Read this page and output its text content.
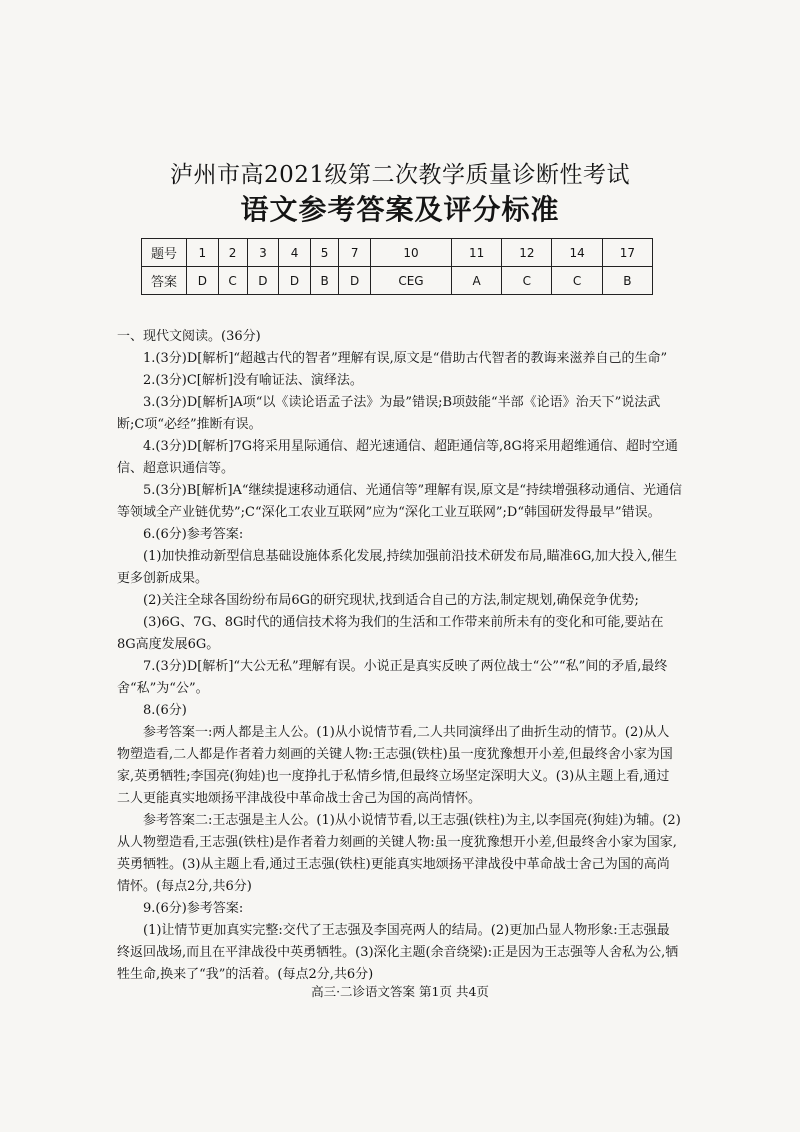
泸州市高2021级第二次教学质量诊断性考试
语文参考答案及评分标准
题号	1	2	3	4	5	7	10	11	12	14	17
答案	D	C	D	D	B	D	CEG	A	C	C	B

一、现代文阅读。(36分)

1.(3分)D[解析]“超越古代的智者”理解有误,原文是“借助古代智者的教诲来滋养自己的生命”

2.(3分)C[解析]没有喻证法、演绎法。

3.(3分)D[解析]A项“以《读论语孟子法》为最”错误;B项鼓能“半部《论语》治天下”说法武断;C项“必经”推断有误。

4.(3分)D[解析]7G将采用星际通信、超光速通信、超距通信等,8G将采用超维通信、超时空通信、超意识通信等。

5.(3分)B[解析]A“继续提速移动通信、光通信等”理解有误,原文是“持续增强移动通信、光通信等领域全产业链优势”;C“深化工农业互联网”应为“深化工业互联网”;D“韩国研发得最早”错误。

6.(6分)参考答案:

(1)加快推动新型信息基础设施体系化发展,持续加强前沿技术研发布局,瞄准6G,加大投入,催生更多创新成果。

(2)关注全球各国纷纷布局6G的研究现状,找到适合自己的方法,制定规划,确保竞争优势;

(3)6G、7G、8G时代的通信技术将为我们的生活和工作带来前所未有的变化和可能,要站在8G高度发展6G。

7.(3分)D[解析]“大公无私”理解有误。小说正是真实反映了两位战士“公”“私”间的矛盾,最终舍“私”为“公”。

8.(6分)

参考答案一:两人都是主人公。(1)从小说情节看,二人共同演绎出了曲折生动的情节。(2)从人物塑造看,二人都是作者着力刻画的关键人物:王志强(铁柱)虽一度犹豫想开小差,但最终舍小家为国家,英勇牺牲;李国亮(狗娃)也一度挣扎于私情乡情,但最终立场坚定深明大义。(3)从主题上看,通过二人更能真实地颂扬平津战役中革命战士舍己为国的高尚情怀。

参考答案二:王志强是主人公。(1)从小说情节看,以王志强(铁柱)为主,以李国亮(狗娃)为辅。(2)从人物塑造看,王志强(铁柱)是作者着力刻画的关键人物:虽一度犹豫想开小差,但最终舍小家为国家,英勇牺牲。(3)从主题上看,通过王志强(铁柱)更能真实地颂扬平津战役中革命战士舍己为国的高尚情怀。(每点2分,共6分)

9.(6分)参考答案:

(1)让情节更加真实完整:交代了王志强及李国亮两人的结局。(2)更加凸显人物形象:王志强最终返回战场,而且在平津战役中英勇牺牲。(3)深化主题(余音绕梁):正是因为王志强等人舍私为公,牺牲生命,换来了“我”的活着。(每点2分,共6分)

高三·二诊语文答案 第1页 共4页
